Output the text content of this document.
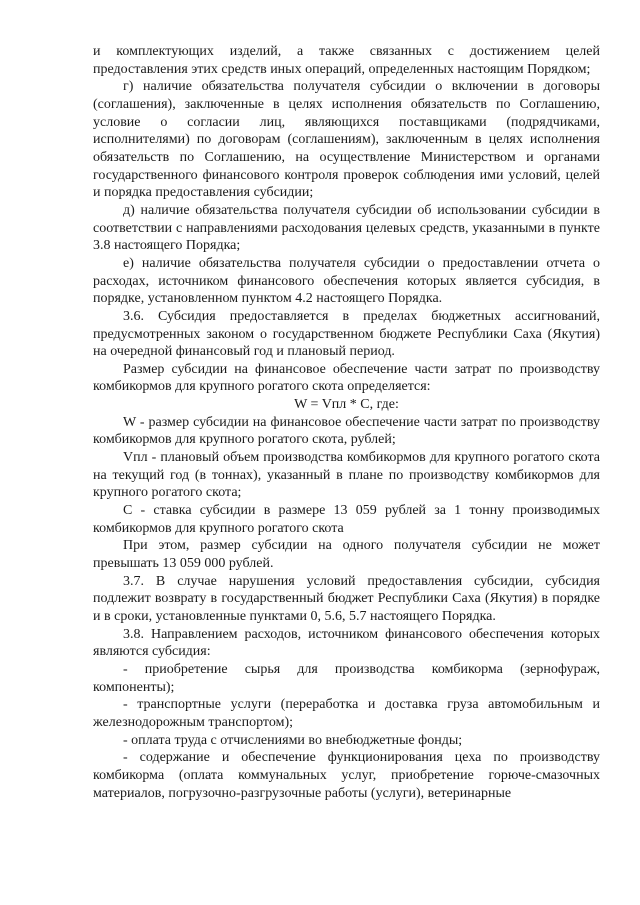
и комплектующих изделий, а также связанных с достижением целей предоставления этих средств иных операций, определенных настоящим Порядком;

г) наличие обязательства получателя субсидии о включении в договоры (соглашения), заключенные в целях исполнения обязательств по Соглашению, условие о согласии лиц, являющихся поставщиками (подрядчиками, исполнителями) по договорам (соглашениям), заключенным в целях исполнения обязательств по Соглашению, на осуществление Министерством и органами государственного финансового контроля проверок соблюдения ими условий, целей и порядка предоставления субсидии;

д) наличие обязательства получателя субсидии об использовании субсидии в соответствии с направлениями расходования целевых средств, указанными в пункте 3.8 настоящего Порядка;

е) наличие обязательства получателя субсидии о предоставлении отчета о расходах, источником финансового обеспечения которых является субсидия, в порядке, установленном пунктом 4.2 настоящего Порядка.

3.6. Субсидия предоставляется в пределах бюджетных ассигнований, предусмотренных законом о государственном бюджете Республики Саха (Якутия) на очередной финансовый год и плановый период.

Размер субсидии на финансовое обеспечение части затрат по производству комбикормов для крупного рогатого скота определяется:

W = Vпл * С, где:

W - размер субсидии на финансовое обеспечение части затрат по производству комбикормов для крупного рогатого скота, рублей;

Vпл - плановый объем производства комбикормов для крупного рогатого скота на текущий год (в тоннах), указанный в плане по производству комбикормов для крупного рогатого скота;

С - ставка субсидии в размере 13 059 рублей за 1 тонну производимых комбикормов для крупного рогатого скота

При этом, размер субсидии на одного получателя субсидии не может превышать 13 059 000 рублей.

3.7. В случае нарушения условий предоставления субсидии, субсидия подлежит возврату в государственный бюджет Республики Саха (Якутия) в порядке и в сроки, установленные пунктами 0, 5.6, 5.7 настоящего Порядка.

3.8. Направлением расходов, источником финансового обеспечения которых являются субсидия:

- приобретение сырья для производства комбикорма (зернофураж, компоненты);

- транспортные услуги (переработка и доставка груза автомобильным и железнодорожным транспортом);

- оплата труда с отчислениями во внебюджетные фонды;

- содержание и обеспечение функционирования цеха по производству комбикорма (оплата коммунальных услуг, приобретение горюче-смазочных материалов, погрузочно-разгрузочные работы (услуги), ветеринарные
